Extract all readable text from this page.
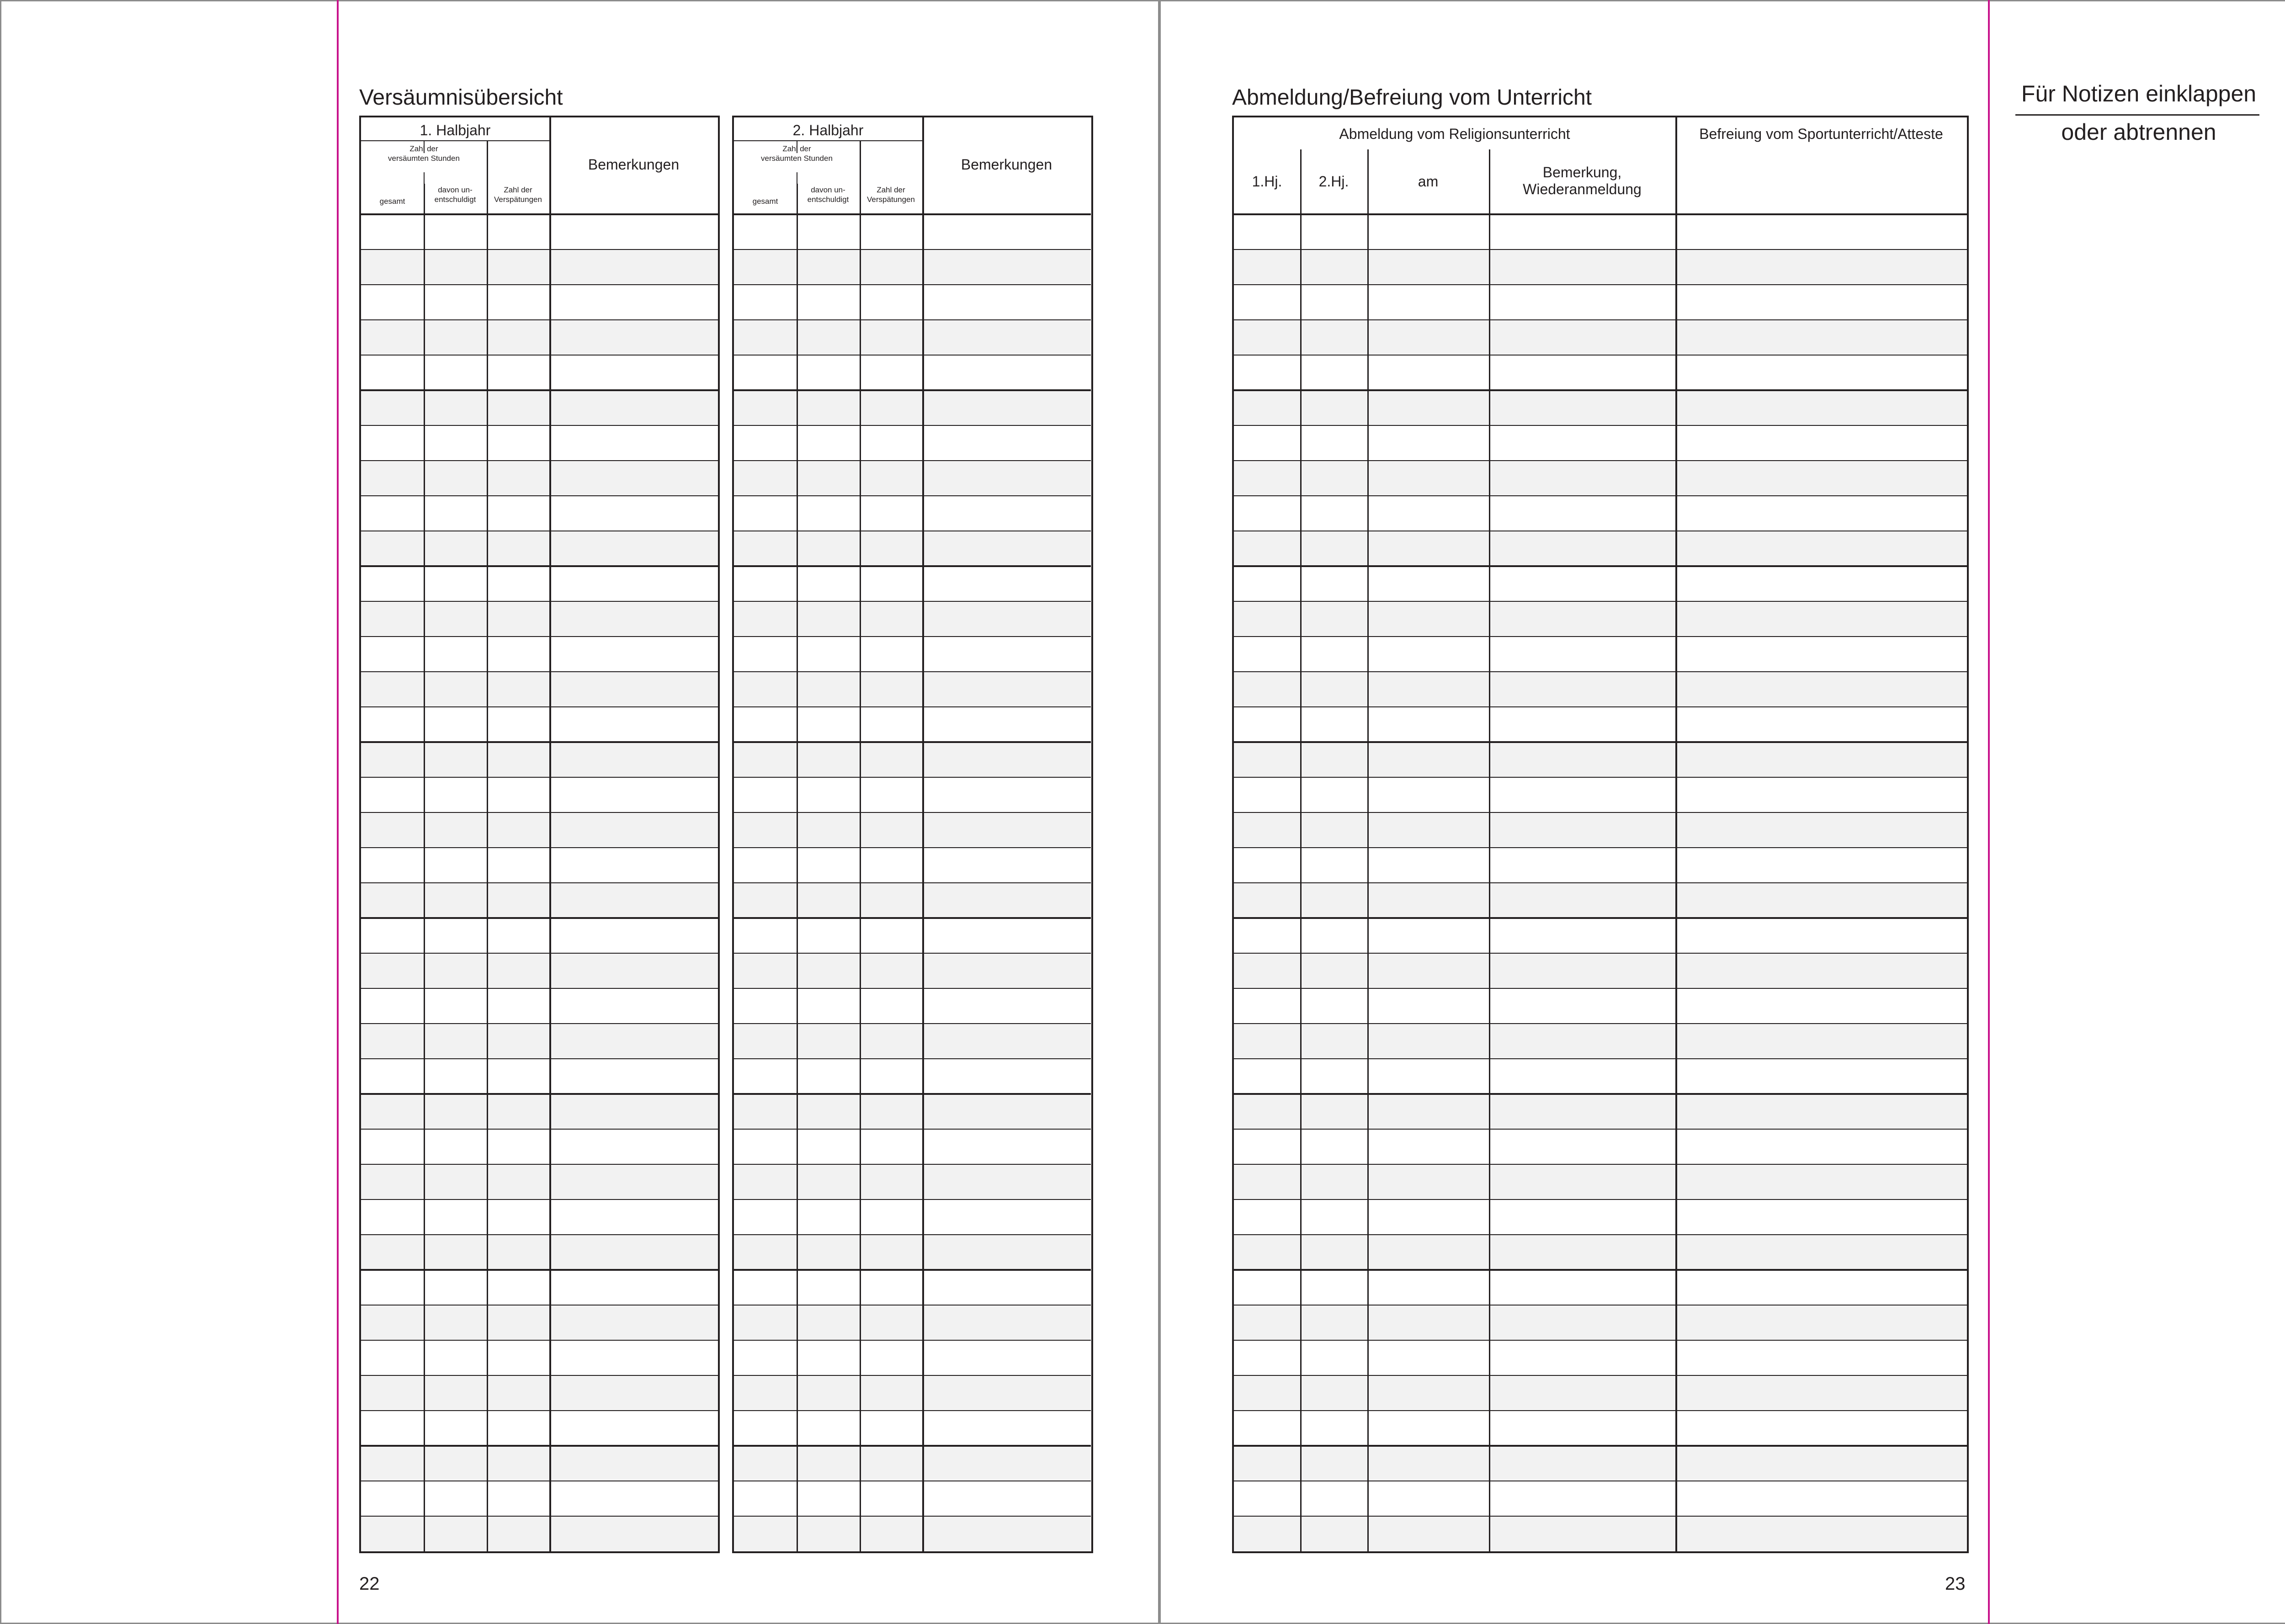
Versäumnisübersicht
1. Halbjahr
Zahl der
versäumten Stunden
gesamt
davon un-
entschuldigt
Zahl der
Verspätungen
Bemerkungen
2. Halbjahr
Zahl der
versäumten Stunden
gesamt
davon un-
entschuldigt
Zahl der
Verspätungen
Bemerkungen
22
Abmeldung/Befreiung vom Unterricht
Abmeldung vom Religionsunterricht
1.Hj.	2.Hj.	am
Bemerkung,
Wiederanmeldung
Befreiung vom Sportunterricht/Atteste
23
Für Notizen einklappen
oder abtrennen
